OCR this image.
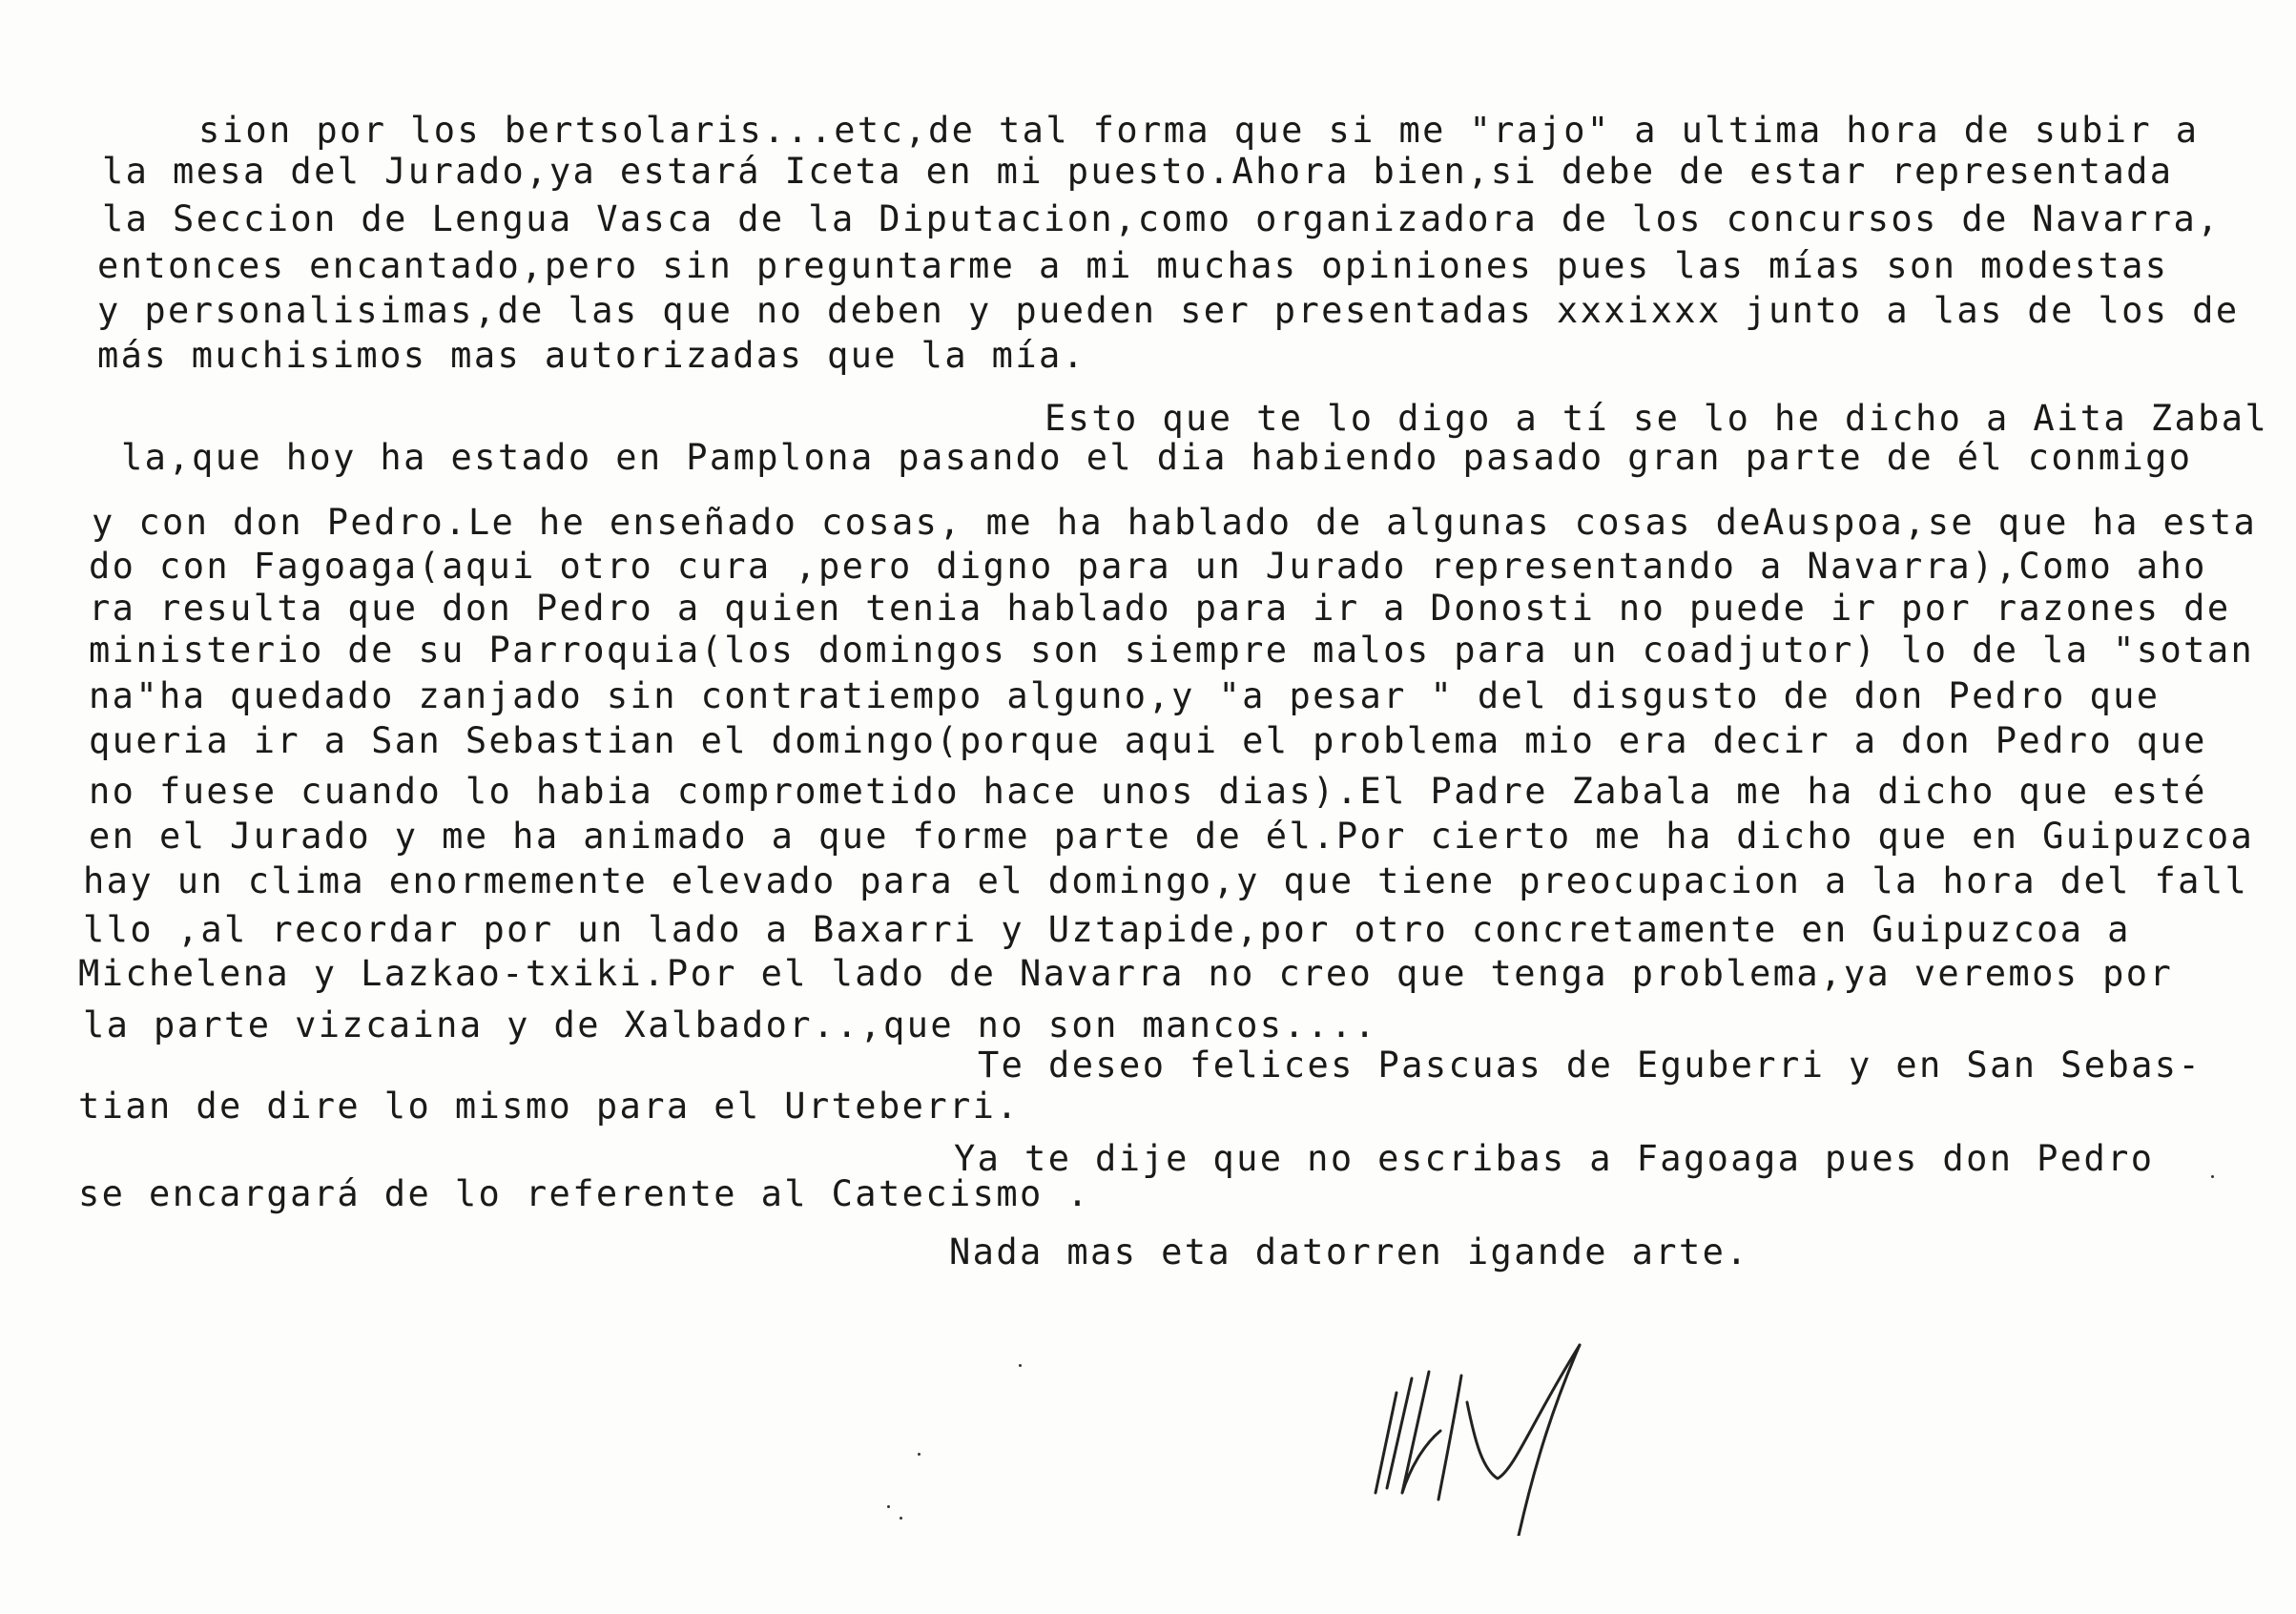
sion por los bertsolaris...etc,de tal forma que si me "rajo" a ultima hora de subir a
la mesa del Jurado,ya estará Iceta en mi puesto.Ahora bien,si debe de estar representada
la Seccion de Lengua Vasca de la Diputacion,como organizadora de los concursos de Navarra,
entonces encantado,pero sin preguntarme a mi muchas opiniones pues las mías son modestas
y personalisimas,de las que no deben y pueden ser presentadas xxxixxx junto a las de los de
más muchisimos mas autorizadas que la mía.
Esto que te lo digo a tí se lo he dicho a Aita Zabal
la,que hoy ha estado en Pamplona pasando el dia habiendo pasado gran parte de él conmigo
y con don Pedro.Le he enseñado cosas, me ha hablado de algunas cosas deAuspoa,se que ha esta
do con Fagoaga(aqui otro cura ,pero digno para un Jurado representando a Navarra),Como aho
ra resulta que don Pedro a quien tenia hablado para ir a Donosti no puede ir por razones de
ministerio de su Parroquia(los domingos son siempre malos para un coadjutor) lo de la "sotan
na"ha quedado zanjado sin contratiempo alguno,y "a pesar " del disgusto de don Pedro que
queria ir a San Sebastian el domingo(porque aqui el problema mio era decir a don Pedro que
no fuese cuando lo habia comprometido hace unos dias).El Padre Zabala me ha dicho que esté
en el Jurado y me ha animado a que forme parte de él.Por cierto me ha dicho que en Guipuzcoa
hay un clima enormemente elevado para el domingo,y que tiene preocupacion a la hora del fall
llo ,al recordar por un lado a Baxarri y Uztapide,por otro concretamente en Guipuzcoa a
Michelena y Lazkao-txiki.Por el lado de Navarra no creo que tenga problema,ya veremos por
la parte vizcaina y de Xalbador..,que no son mancos....
Te deseo felices Pascuas de Eguberri y en San Sebas-
tian de dire lo mismo para el Urteberri.
Ya te dije que no escribas a Fagoaga pues don Pedro
se encargará de lo referente al Catecismo .
Nada mas eta datorren igande arte.
